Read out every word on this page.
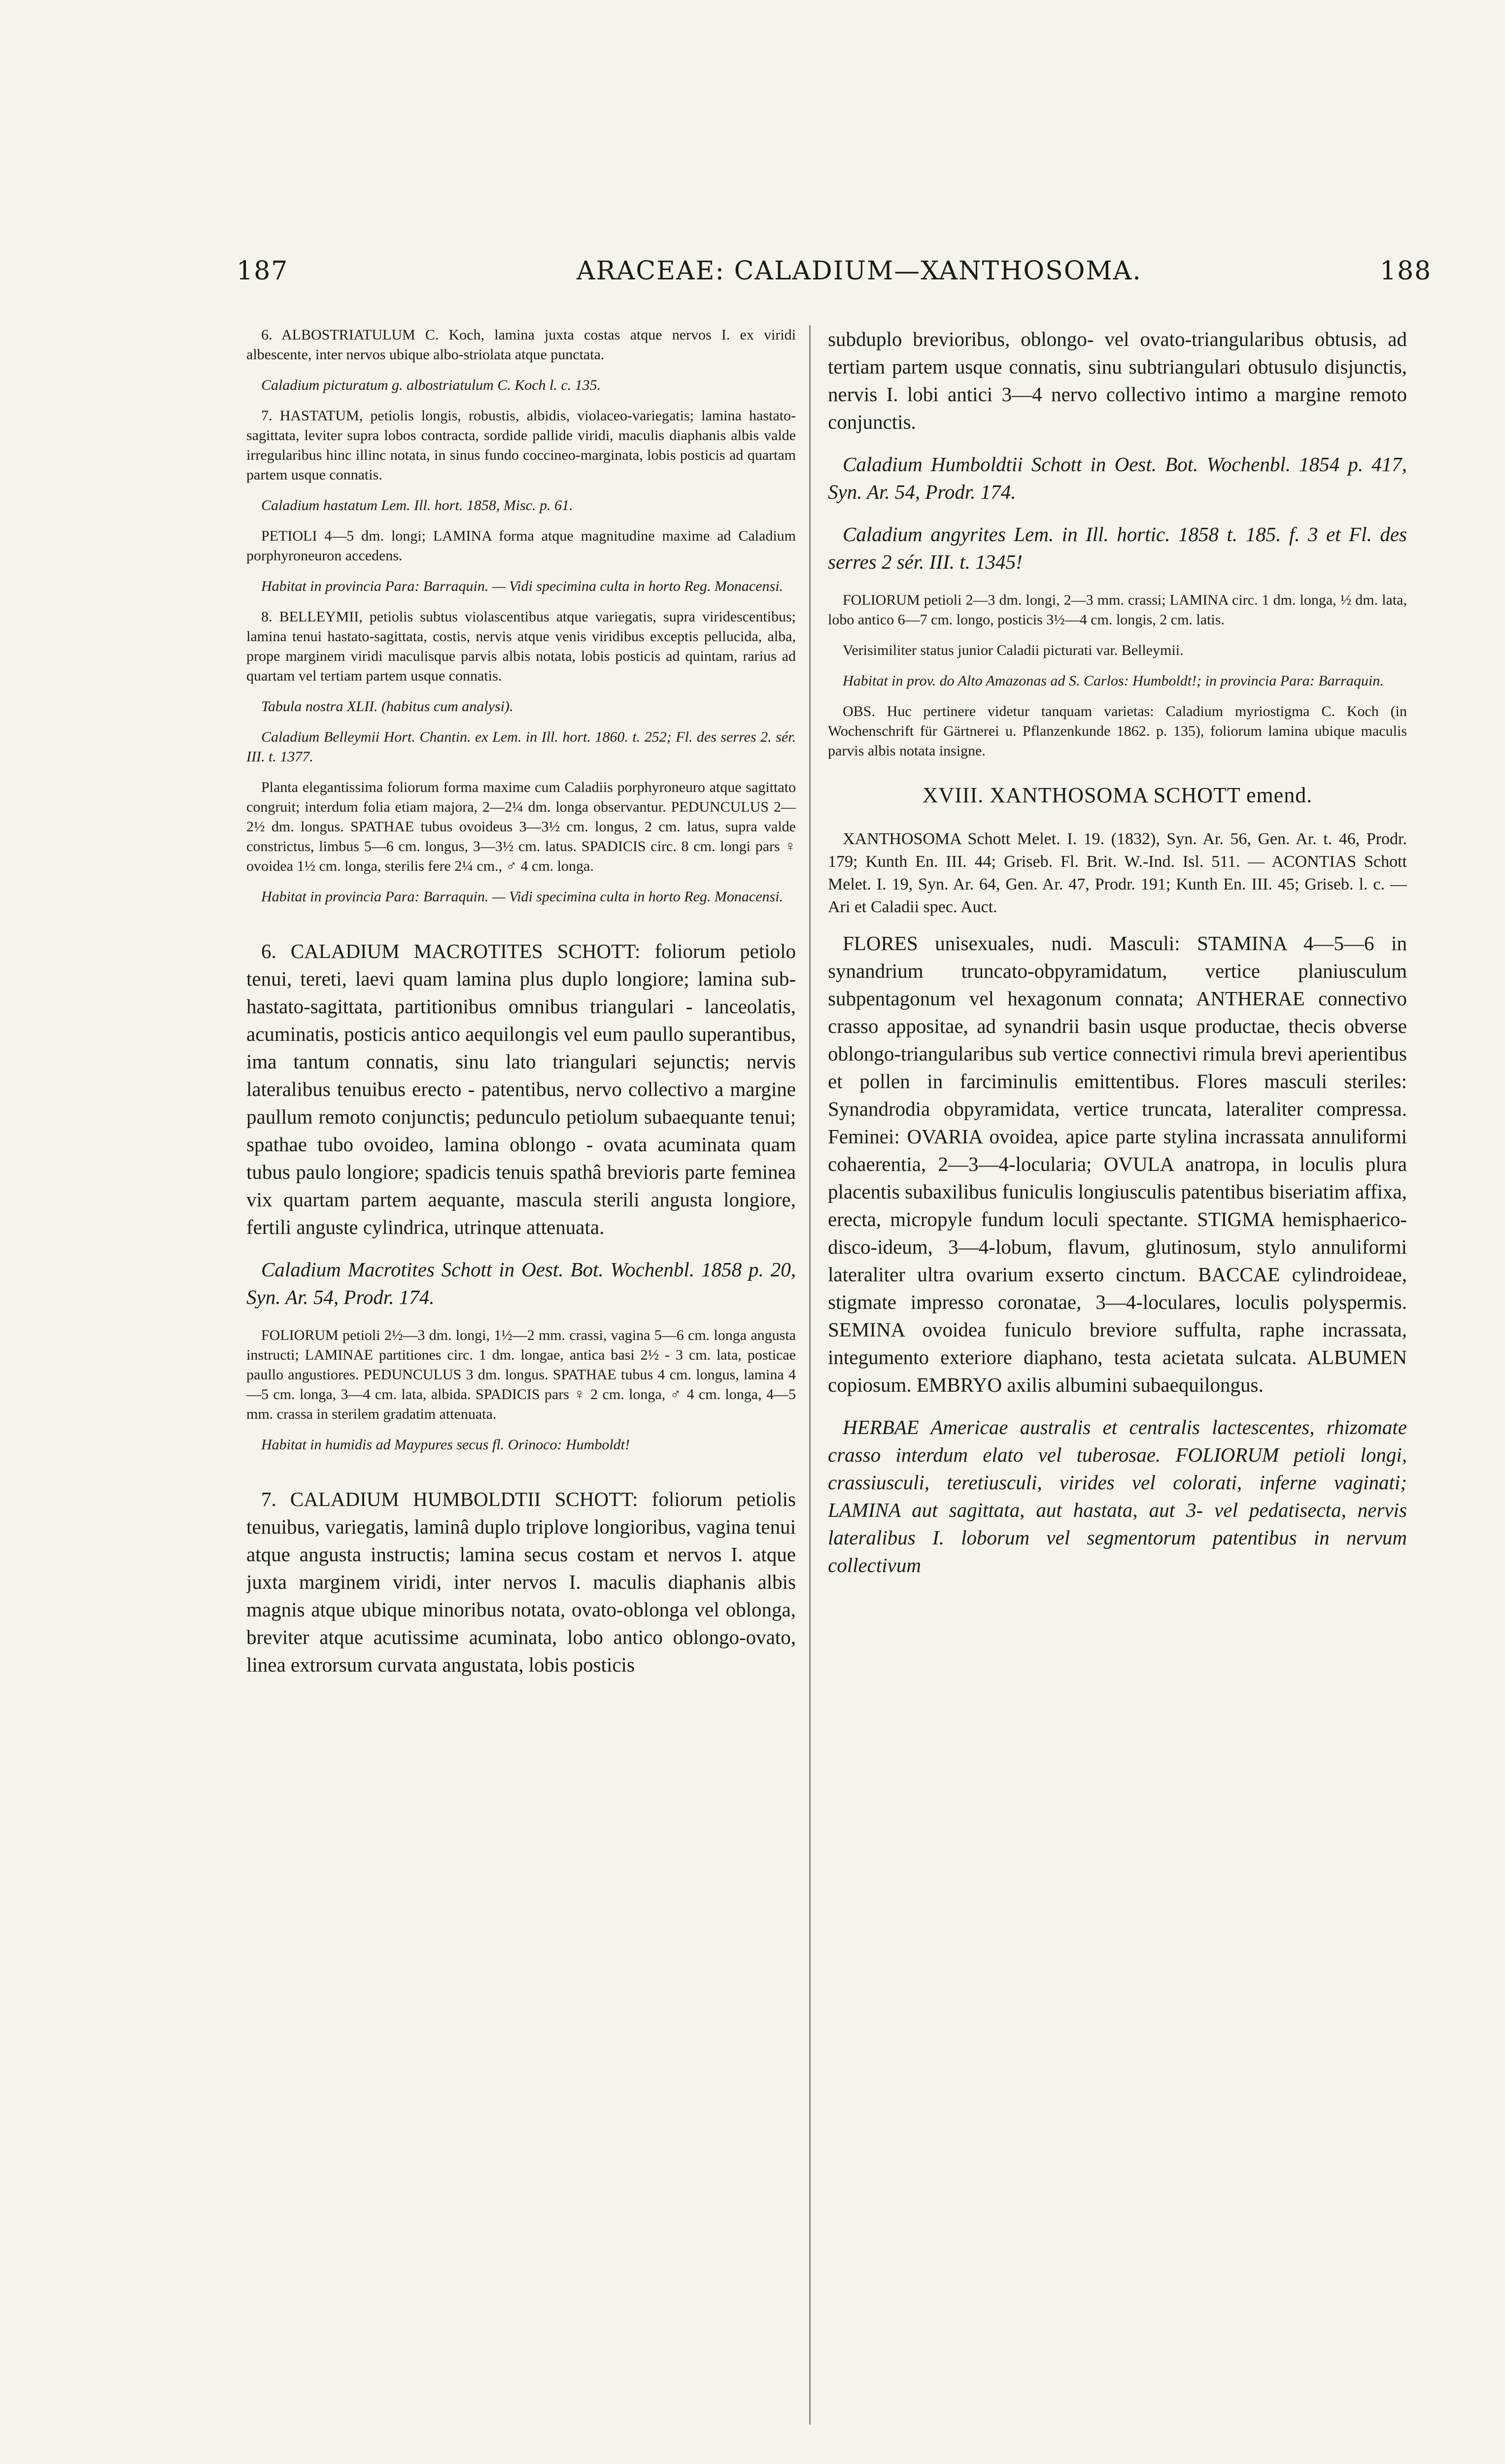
187	ARACEAE: CALADIUM—XANTHOSOMA.	188

6. ALBOSTRIATULUM C. Koch, lamina juxta costas atque nervos I. ex viridi albescente, inter nervos ubique albo-striolata atque punctata.

Caladium picturatum g. albostriatulum C. Koch l. c. 135.

7. HASTATUM, petiolis longis, robustis, albidis, violaceo-variegatis; lamina hastato-sagittata, leviter supra lobos contracta, sordide pallide viridi, maculis diaphanis albis valde irregularibus hinc illinc notata, in sinus fundo coccineo-marginata, lobis posticis ad quartam partem usque connatis.

Caladium hastatum Lem. Ill. hort. 1858, Misc. p. 61.

PETIOLI 4—5 dm. longi; LAMINA forma atque magnitudine maxime ad Caladium porphyroneuron accedens.

Habitat in provincia Para: Barraquin. — Vidi specimina culta in horto Reg. Monacensi.

8. BELLEYMII, petiolis subtus violascentibus atque variegatis, supra viridescentibus; lamina tenui hastato-sagittata, costis, nervis atque venis viridibus exceptis pellucida, alba, prope marginem viridi maculisque parvis albis notata, lobis posticis ad quintam, rarius ad quartam vel tertiam partem usque connatis.

Tabula nostra XLII. (habitus cum analysi).

Caladium Belleymii Hort. Chantin. ex Lem. in Ill. hort. 1860. t. 252; Fl. des serres 2. sér. III. t. 1377.

Planta elegantissima foliorum forma maxime cum Caladiis porphyroneuro atque sagittato congruit; interdum folia etiam majora, 2—2¼ dm. longa observantur. PEDUNCULUS 2—2½ dm. longus. SPATHAE tubus ovoideus 3—3½ cm. longus, 2 cm. latus, supra valde constrictus, limbus 5—6 cm. longus, 3—3½ cm. latus. SPADICIS circ. 8 cm. longi pars ♀ ovoidea 1½ cm. longa, sterilis fere 2¼ cm., ♂ 4 cm. longa.

Habitat in provincia Para: Barraquin. — Vidi specimina culta in horto Reg. Monacensi.

6. CALADIUM MACROTITES SCHOTT: foliorum petiolo tenui, tereti, laevi quam lamina plus duplo longiore; lamina sub-hastato-sagittata, partitionibus omnibus triangulari - lanceolatis, acuminatis, posticis antico aequilongis vel eum paullo superantibus, ima tantum connatis, sinu lato triangulari sejunctis; nervis lateralibus tenuibus erecto - patentibus, nervo collectivo a margine paullum remoto conjunctis; pedunculo petiolum subaequante tenui; spathae tubo ovoideo, lamina oblongo - ovata acuminata quam tubus paulo longiore; spadicis tenuis spathâ brevioris parte feminea vix quartam partem aequante, mascula sterili angusta longiore, fertili anguste cylindrica, utrinque attenuata.

Caladium Macrotites Schott in Oest. Bot. Wochenbl. 1858 p. 20, Syn. Ar. 54, Prodr. 174.

FOLIORUM petioli 2½—3 dm. longi, 1½—2 mm. crassi, vagina 5—6 cm. longa angusta instructi; LAMINAE partitiones circ. 1 dm. longae, antica basi 2½ - 3 cm. lata, posticae paullo angustiores. PEDUNCULUS 3 dm. longus. SPATHAE tubus 4 cm. longus, lamina 4—5 cm. longa, 3—4 cm. lata, albida. SPADICIS pars ♀ 2 cm. longa, ♂ 4 cm. longa, 4—5 mm. crassa in sterilem gradatim attenuata.

Habitat in humidis ad Maypures secus fl. Orinoco: Humboldt!

7. CALADIUM HUMBOLDTII SCHOTT: foliorum petiolis tenuibus, variegatis, laminâ duplo triplove longioribus, vagina tenui atque angusta instructis; lamina secus costam et nervos I. atque juxta marginem viridi, inter nervos I. maculis diaphanis albis magnis atque ubique minoribus notata, ovato-oblonga vel oblonga, breviter atque acutissime acuminata, lobo antico oblongo-ovato, linea extrorsum curvata angustata, lobis posticis

subduplo brevioribus, oblongo- vel ovato-triangularibus obtusis, ad tertiam partem usque connatis, sinu subtriangulari obtusulo disjunctis, nervis I. lobi antici 3—4 nervo collectivo intimo a margine remoto conjunctis.

Caladium Humboldtii Schott in Oest. Bot. Wochenbl. 1854 p. 417, Syn. Ar. 54, Prodr. 174.

Caladium angyrites Lem. in Ill. hortic. 1858 t. 185. f. 3 et Fl. des serres 2 sér. III. t. 1345!

FOLIORUM petioli 2—3 dm. longi, 2—3 mm. crassi; LAMINA circ. 1 dm. longa, ½ dm. lata, lobo antico 6—7 cm. longo, posticis 3½—4 cm. longis, 2 cm. latis.

Verisimiliter status junior Caladii picturati var. Belleymii.

Habitat in prov. do Alto Amazonas ad S. Carlos: Humboldt!; in provincia Para: Barraquin.

OBS. Huc pertinere videtur tanquam varietas: Caladium myriostigma C. Koch (in Wochenschrift für Gärtnerei u. Pflanzenkunde 1862. p. 135), foliorum lamina ubique maculis parvis albis notata insigne.

XVIII. XANTHOSOMA SCHOTT emend.

XANTHOSOMA Schott Melet. I. 19. (1832), Syn. Ar. 56, Gen. Ar. t. 46, Prodr. 179; Kunth En. III. 44; Griseb. Fl. Brit. W.-Ind. Isl. 511. — ACONTIAS Schott Melet. I. 19, Syn. Ar. 64, Gen. Ar. 47, Prodr. 191; Kunth En. III. 45; Griseb. l. c. — Ari et Caladii spec. Auct.

FLORES unisexuales, nudi. Masculi: STAMINA 4—5—6 in synandrium truncato-obpyramidatum, vertice planiusculum subpentagonum vel hexagonum connata; ANTHERAE connectivo crasso appositae, ad synandrii basin usque productae, thecis obverse oblongo-triangularibus sub vertice connectivi rimula brevi aperientibus et pollen in farciminulis emittentibus. Flores masculi steriles: Synandrodia obpyramidata, vertice truncata, lateraliter compressa. Feminei: OVARIA ovoidea, apice parte stylina incrassata annuliformi cohaerentia, 2—3—4-locularia; OVULA anatropa, in loculis plura placentis subaxilibus funiculis longiusculis patentibus biseriatim affixa, erecta, micropyle fundum loculi spectante. STIGMA hemisphaerico-disco-ideum, 3—4-lobum, flavum, glutinosum, stylo annuliformi lateraliter ultra ovarium exserto cinctum. BACCAE cylindroideae, stigmate impresso coronatae, 3—4-loculares, loculis polyspermis. SEMINA ovoidea funiculo breviore suffulta, raphe incrassata, integumento exteriore diaphano, testa acietata sulcata. ALBUMEN copiosum. EMBRYO axilis albumini subaequilongus.

HERBAE Americae australis et centralis lactescentes, rhizomate crasso interdum elato vel tuberosae. FOLIORUM petioli longi, crassiusculi, teretiusculi, virides vel colorati, inferne vaginati; LAMINA aut sagittata, aut hastata, aut 3- vel pedatisecta, nervis lateralibus I. loborum vel segmentorum patentibus in nervum collectivum
